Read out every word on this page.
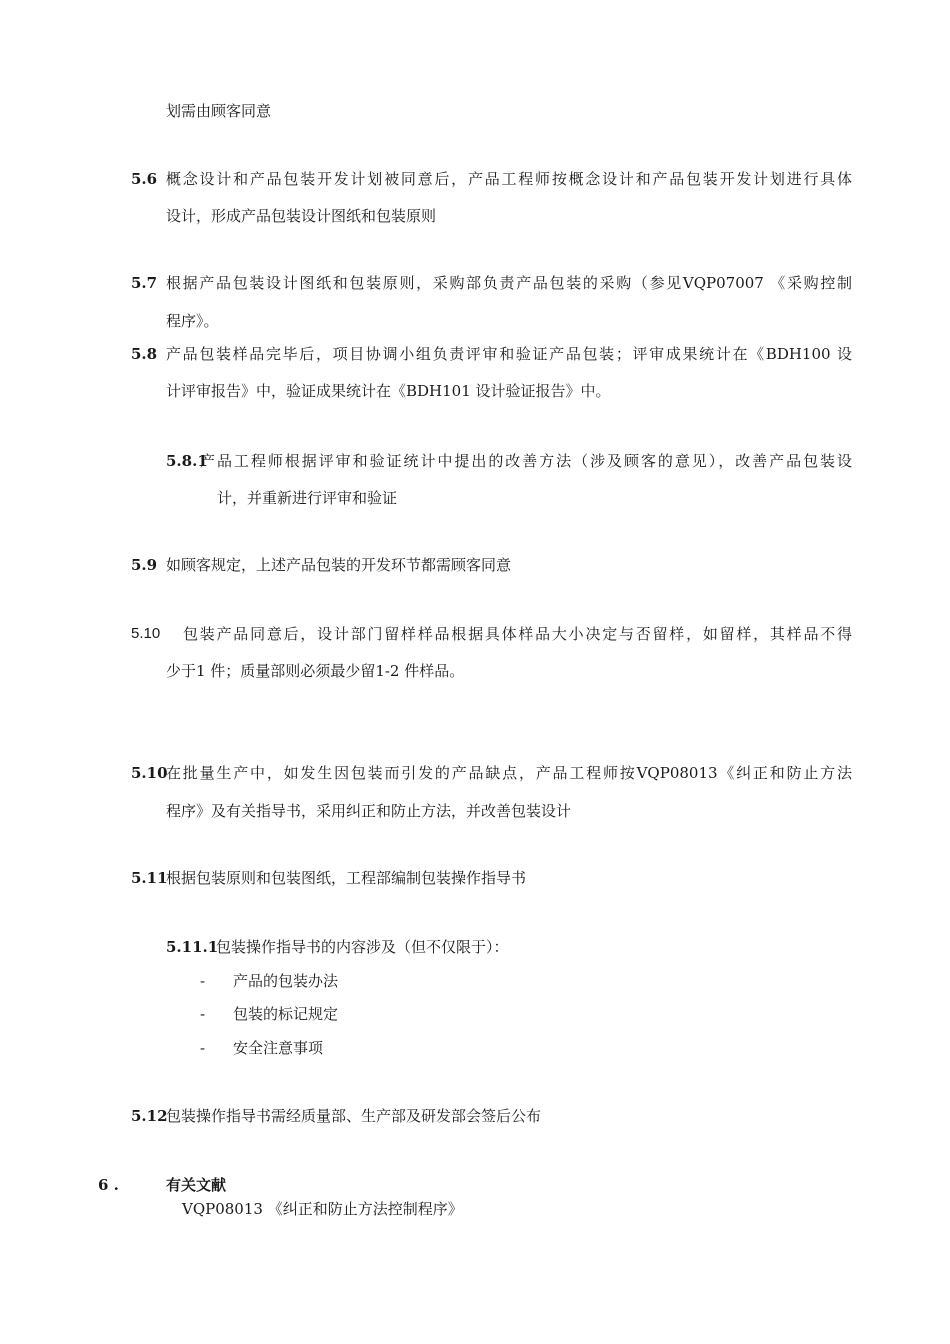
划需由顾客同意
5.6 概念设计和产品包装开发计划被同意后，产品工程师按概念设计和产品包装开发计划进行具体
设计，形成产品包装设计图纸和包装原则
5.7 根据产品包装设计图纸和包装原则，采购部负责产品包装的采购（参见VQP07007 《采购控制
程序》。
5.8 产品包装样品完毕后，项目协调小组负责评审和验证产品包装；评审成果统计在《BDH100 设
计评审报告》中，验证成果统计在《BDH101 设计验证报告》中。
5.8.1
产品工程师根据评审和验证统计中提出的改善方法（涉及顾客的意见），改善产品包装设
计，并重新进行评审和验证
5.9 如顾客规定，上述产品包装的开发环节都需顾客同意
5.10 包装产品同意后，设计部门留样样品根据具体样品大小决定与否留样，如留样，其样品不得
少于1 件；质量部则必须最少留1-2 件样品。
5.10
在批量生产中，如发生因包装而引发的产品缺点，产品工程师按VQP08013《纠正和防止方法
程序》及有关指导书，采用纠正和防止方法，并改善包装设计
5.11
根据包装原则和包装图纸，工程部编制包装操作指导书
5.11.1
包装操作指导书的内容涉及（但不仅限于）：
- 产品的包装办法
- 包装的标记规定
- 安全注意事项
5.12
包装操作指导书需经质量部、生产部及研发部会签后公布
6 .	有关文献
VQP08013 《纠正和防止方法控制程序》
